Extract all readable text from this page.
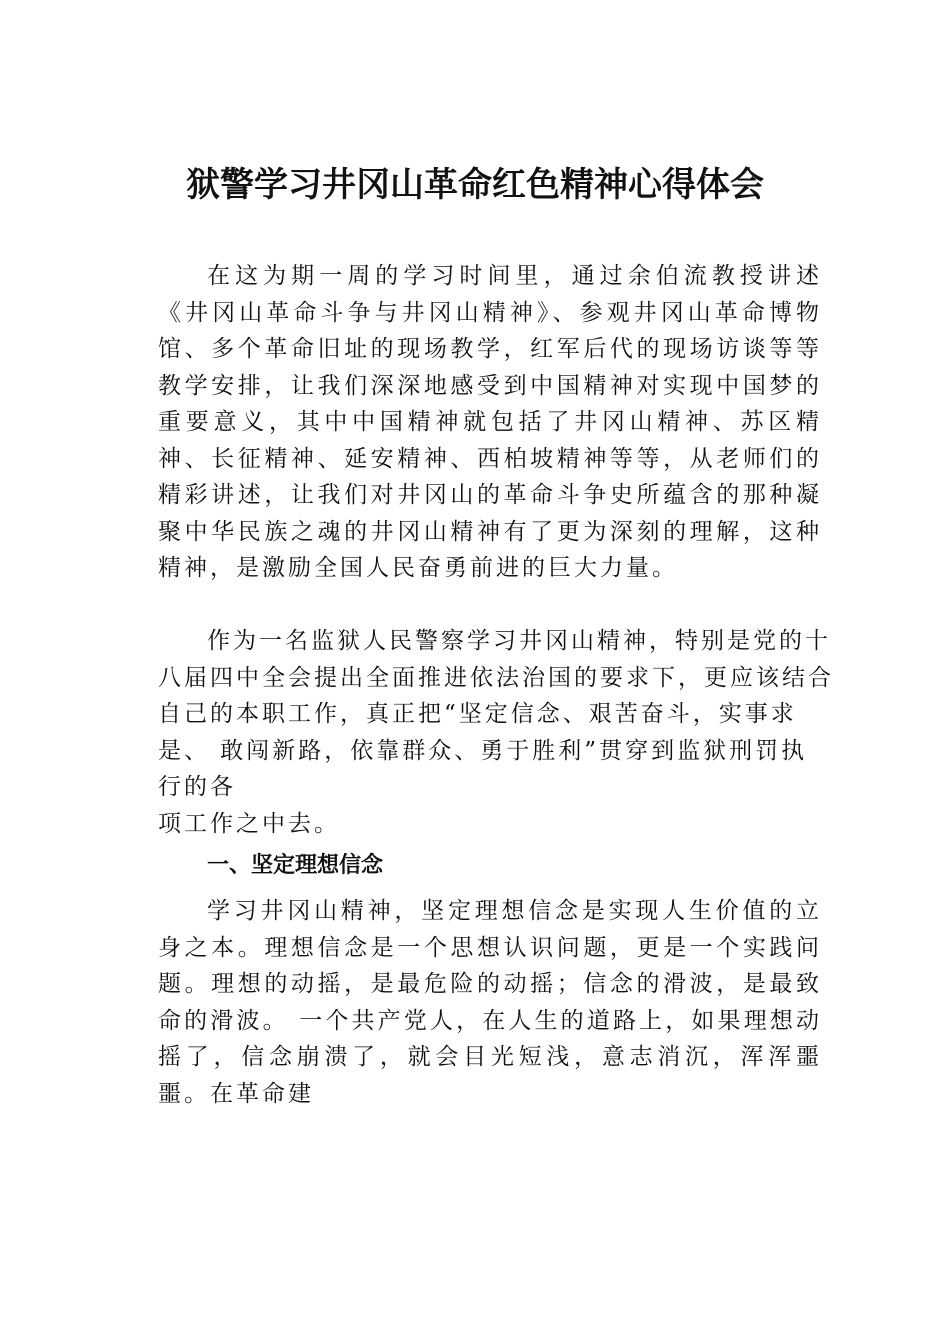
狱警学习井冈山革命红色精神心得体会

在这为期一周的学习时间里，通过余伯流教授讲述《井冈山革命斗争与井冈山精神》、参观井冈山革命博物馆、多个革命旧址的现场教学，红军后代的现场访谈等等教学安排，让我们深深地感受到中国精神对实现中国梦的重要意义，其中中国精神就包括了井冈山精神、苏区精神、长征精神、延安精神、西柏坡精神等等，从老师们的精彩讲述，让我们对井冈山的革命斗争史所蕴含的那种凝聚中华民族之魂的井冈山精神有了更为深刻的理解，这种精神，是激励全国人民奋勇前进的巨大力量。

作为一名监狱人民警察学习井冈山精神，特别是党的十
八届四中全会提出全面推进依法治国的要求下，更应该结合
自己的本职工作，真正把“坚定信念、艰苦奋斗，实事求
是、 敢闯新路，依靠群众、勇于胜利”贯穿到监狱刑罚执
行的各
项工作之中去。

一、坚定理想信念

学习井冈山精神，坚定理想信念是实现人生价值的立身之本。理想信念是一个思想认识问题，更是一个实践问题。理想的动摇，是最危险的动摇；信念的滑波，是最致命的滑波。 一个共产党人，在人生的道路上，如果理想动摇了，信念崩溃了，就会目光短浅，意志消沉，浑浑噩噩。在革命建
